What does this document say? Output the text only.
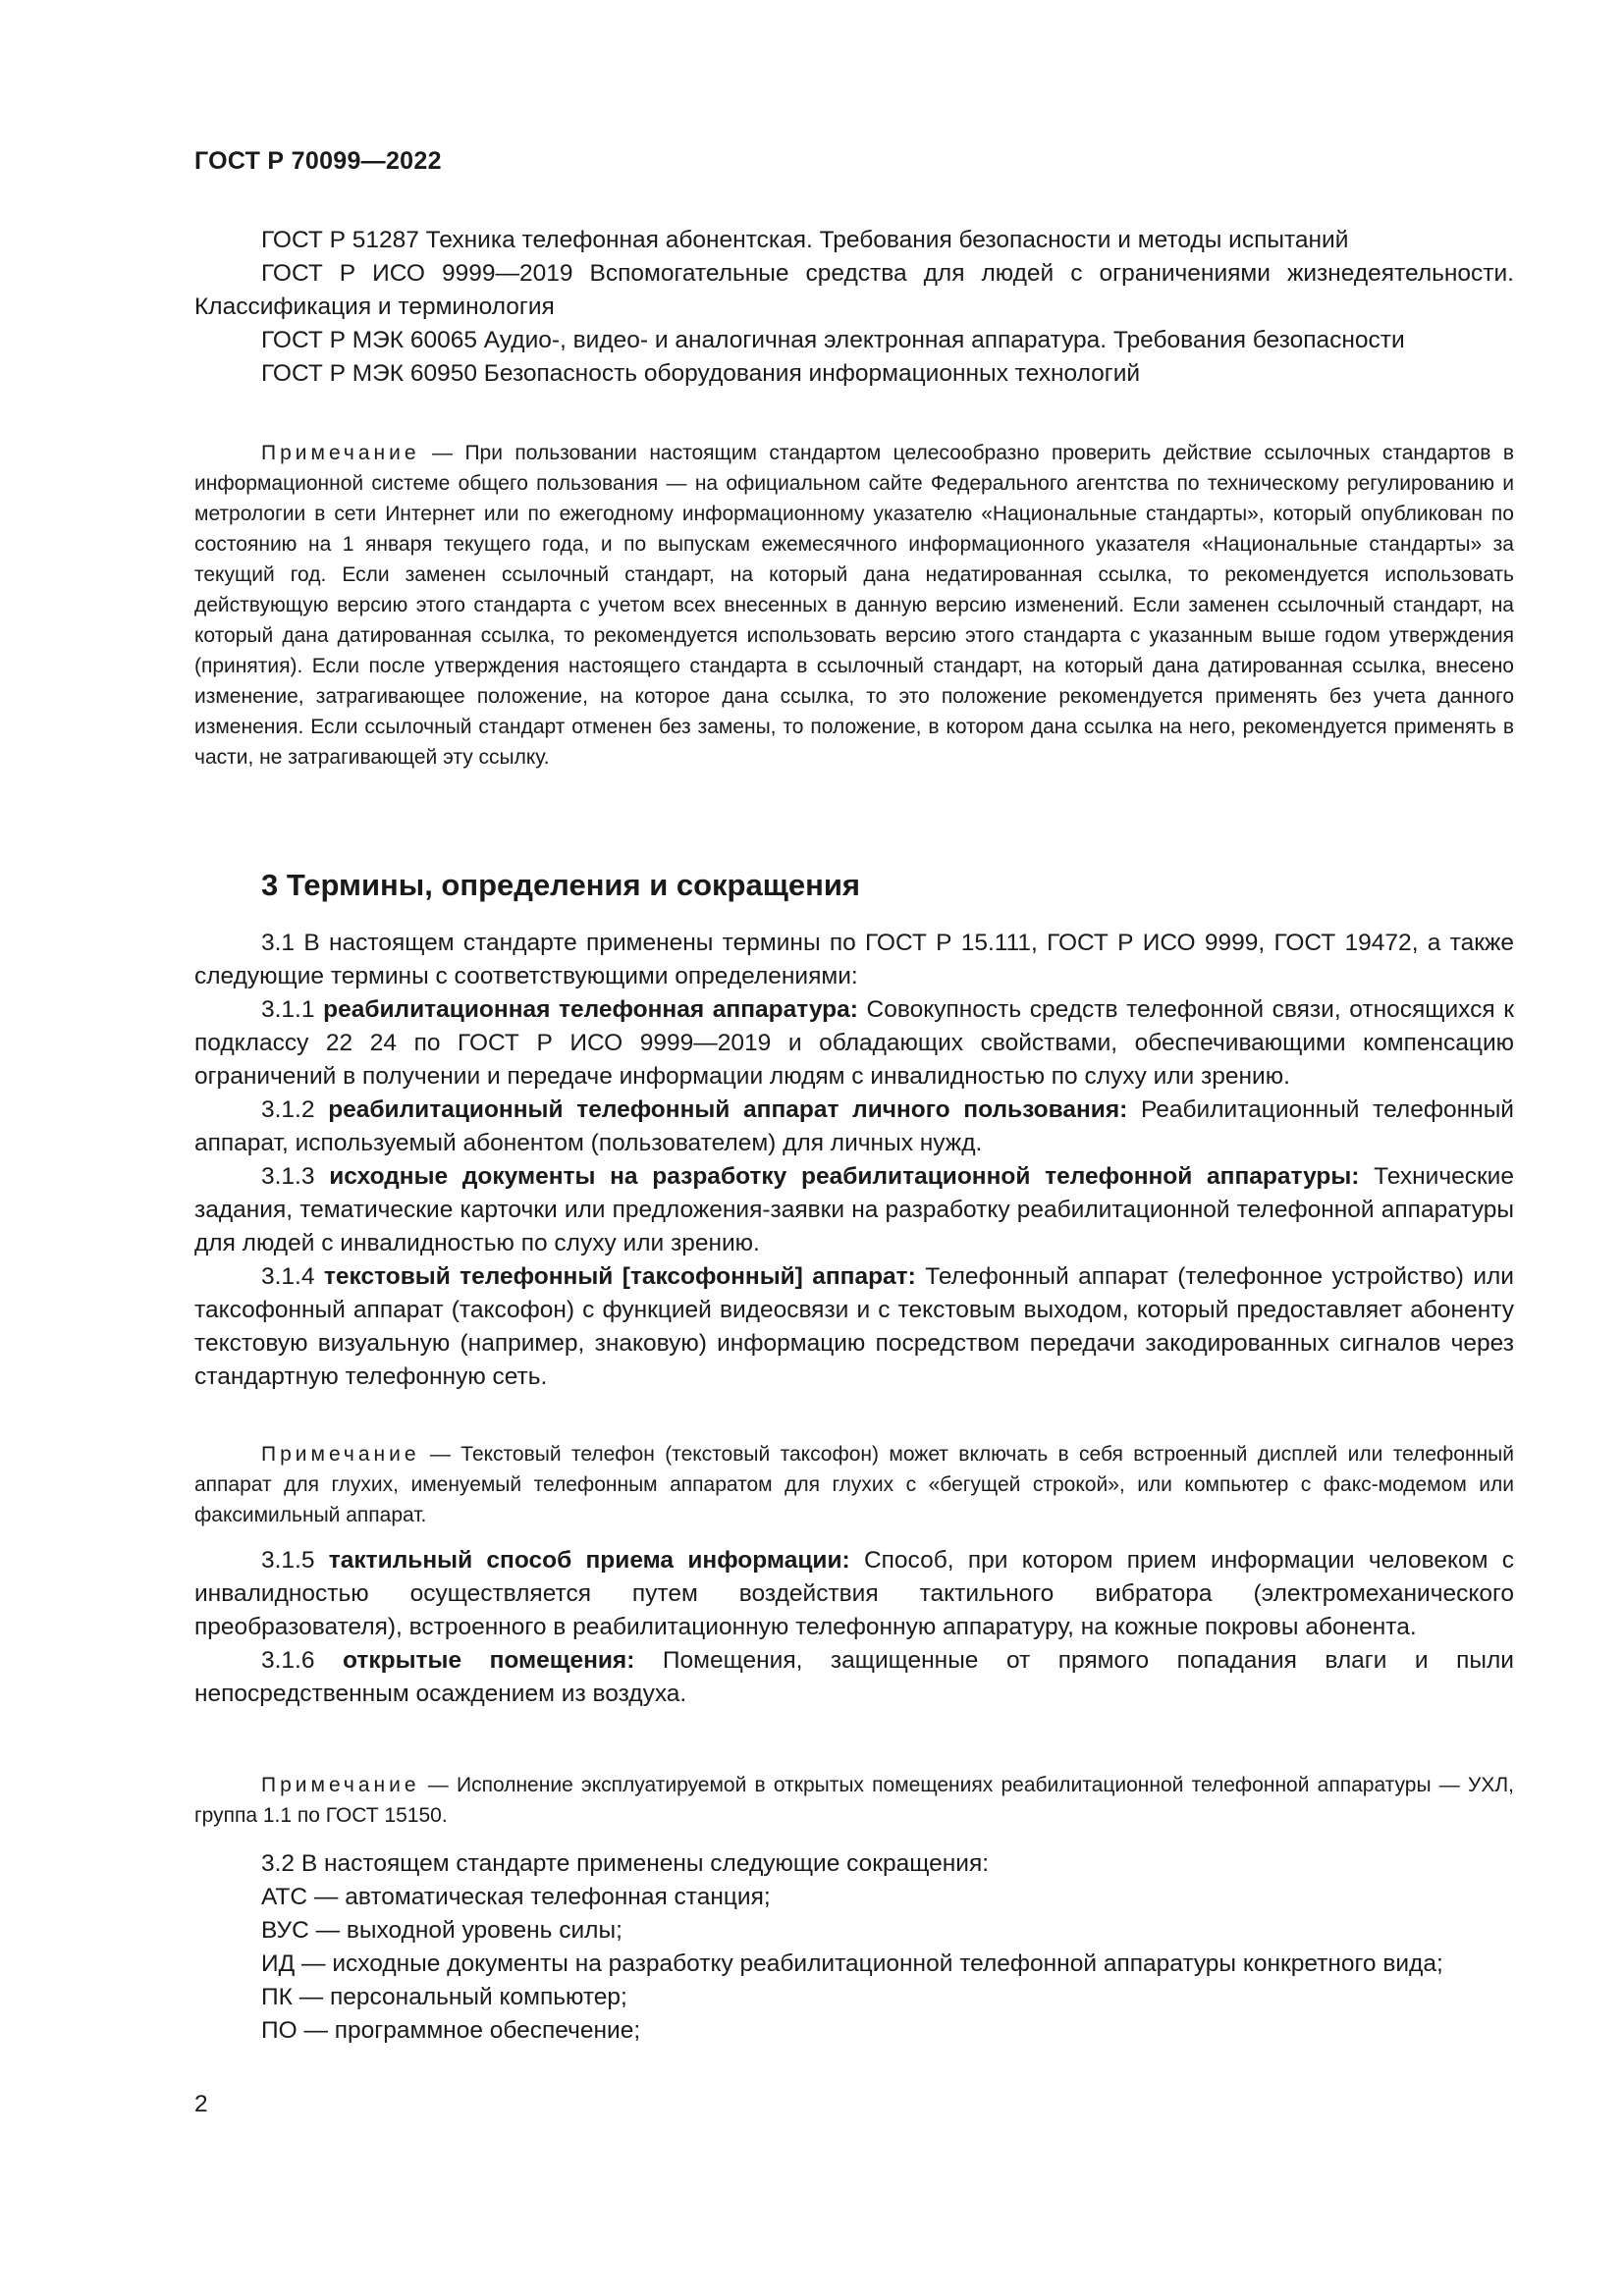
ГОСТ Р 70099—2022

ГОСТ Р 51287 Техника телефонная абонентская. Требования безопасности и методы испытаний

ГОСТ Р ИСО 9999—2019 Вспомогательные средства для людей с ограничениями жизнедеятельности. Классификация и терминология

ГОСТ Р МЭК 60065 Аудио-, видео- и аналогичная электронная аппаратура. Требования безопасности

ГОСТ Р МЭК 60950 Безопасность оборудования информационных технологий

Примечание — При пользовании настоящим стандартом целесообразно проверить действие ссылочных стандартов в информационной системе общего пользования — на официальном сайте Федерального агентства по техническому регулированию и метрологии в сети Интернет или по ежегодному информационному указателю «Национальные стандарты», который опубликован по состоянию на 1 января текущего года, и по выпускам ежемесячного информационного указателя «Национальные стандарты» за текущий год. Если заменен ссылочный стандарт, на который дана недатированная ссылка, то рекомендуется использовать действующую версию этого стандарта с учетом всех внесенных в данную версию изменений. Если заменен ссылочный стандарт, на который дана датированная ссылка, то рекомендуется использовать версию этого стандарта с указанным выше годом утверждения (принятия). Если после утверждения настоящего стандарта в ссылочный стандарт, на который дана датированная ссылка, внесено изменение, затрагивающее положение, на которое дана ссылка, то это положение рекомендуется применять без учета данного изменения. Если ссылочный стандарт отменен без замены, то положение, в котором дана ссылка на него, рекомендуется применять в части, не затрагивающей эту ссылку.

3 Термины, определения и сокращения

3.1 В настоящем стандарте применены термины по ГОСТ Р 15.111, ГОСТ Р ИСО 9999, ГОСТ 19472, а также следующие термины с соответствующими определениями:

3.1.1 реабилитационная телефонная аппаратура: Совокупность средств телефонной связи, относящихся к подклассу 22 24 по ГОСТ Р ИСО 9999—2019 и обладающих свойствами, обеспечивающими компенсацию ограничений в получении и передаче информации людям с инвалидностью по слуху или зрению.

3.1.2 реабилитационный телефонный аппарат личного пользования: Реабилитационный телефонный аппарат, используемый абонентом (пользователем) для личных нужд.

3.1.3 исходные документы на разработку реабилитационной телефонной аппаратуры: Технические задания, тематические карточки или предложения-заявки на разработку реабилитационной телефонной аппаратуры для людей с инвалидностью по слуху или зрению.

3.1.4 текстовый телефонный [таксофонный] аппарат: Телефонный аппарат (телефонное устройство) или таксофонный аппарат (таксофон) с функцией видеосвязи и с текстовым выходом, который предоставляет абоненту текстовую визуальную (например, знаковую) информацию посредством передачи закодированных сигналов через стандартную телефонную сеть.

Примечание — Текстовый телефон (текстовый таксофон) может включать в себя встроенный дисплей или телефонный аппарат для глухих, именуемый телефонным аппаратом для глухих с «бегущей строкой», или компьютер с факс-модемом или факсимильный аппарат.

3.1.5 тактильный способ приема информации: Способ, при котором прием информации человеком с инвалидностью осуществляется путем воздействия тактильного вибратора (электромеханического преобразователя), встроенного в реабилитационную телефонную аппаратуру, на кожные покровы абонента.

3.1.6 открытые помещения: Помещения, защищенные от прямого попадания влаги и пыли непосредственным осаждением из воздуха.

Примечание — Исполнение эксплуатируемой в открытых помещениях реабилитационной телефонной аппаратуры — УХЛ, группа 1.1 по ГОСТ 15150.

3.2 В настоящем стандарте применены следующие сокращения:

АТС — автоматическая телефонная станция;

ВУС — выходной уровень силы;

ИД — исходные документы на разработку реабилитационной телефонной аппаратуры конкретного вида;

ПК — персональный компьютер;

ПО — программное обеспечение;

2
